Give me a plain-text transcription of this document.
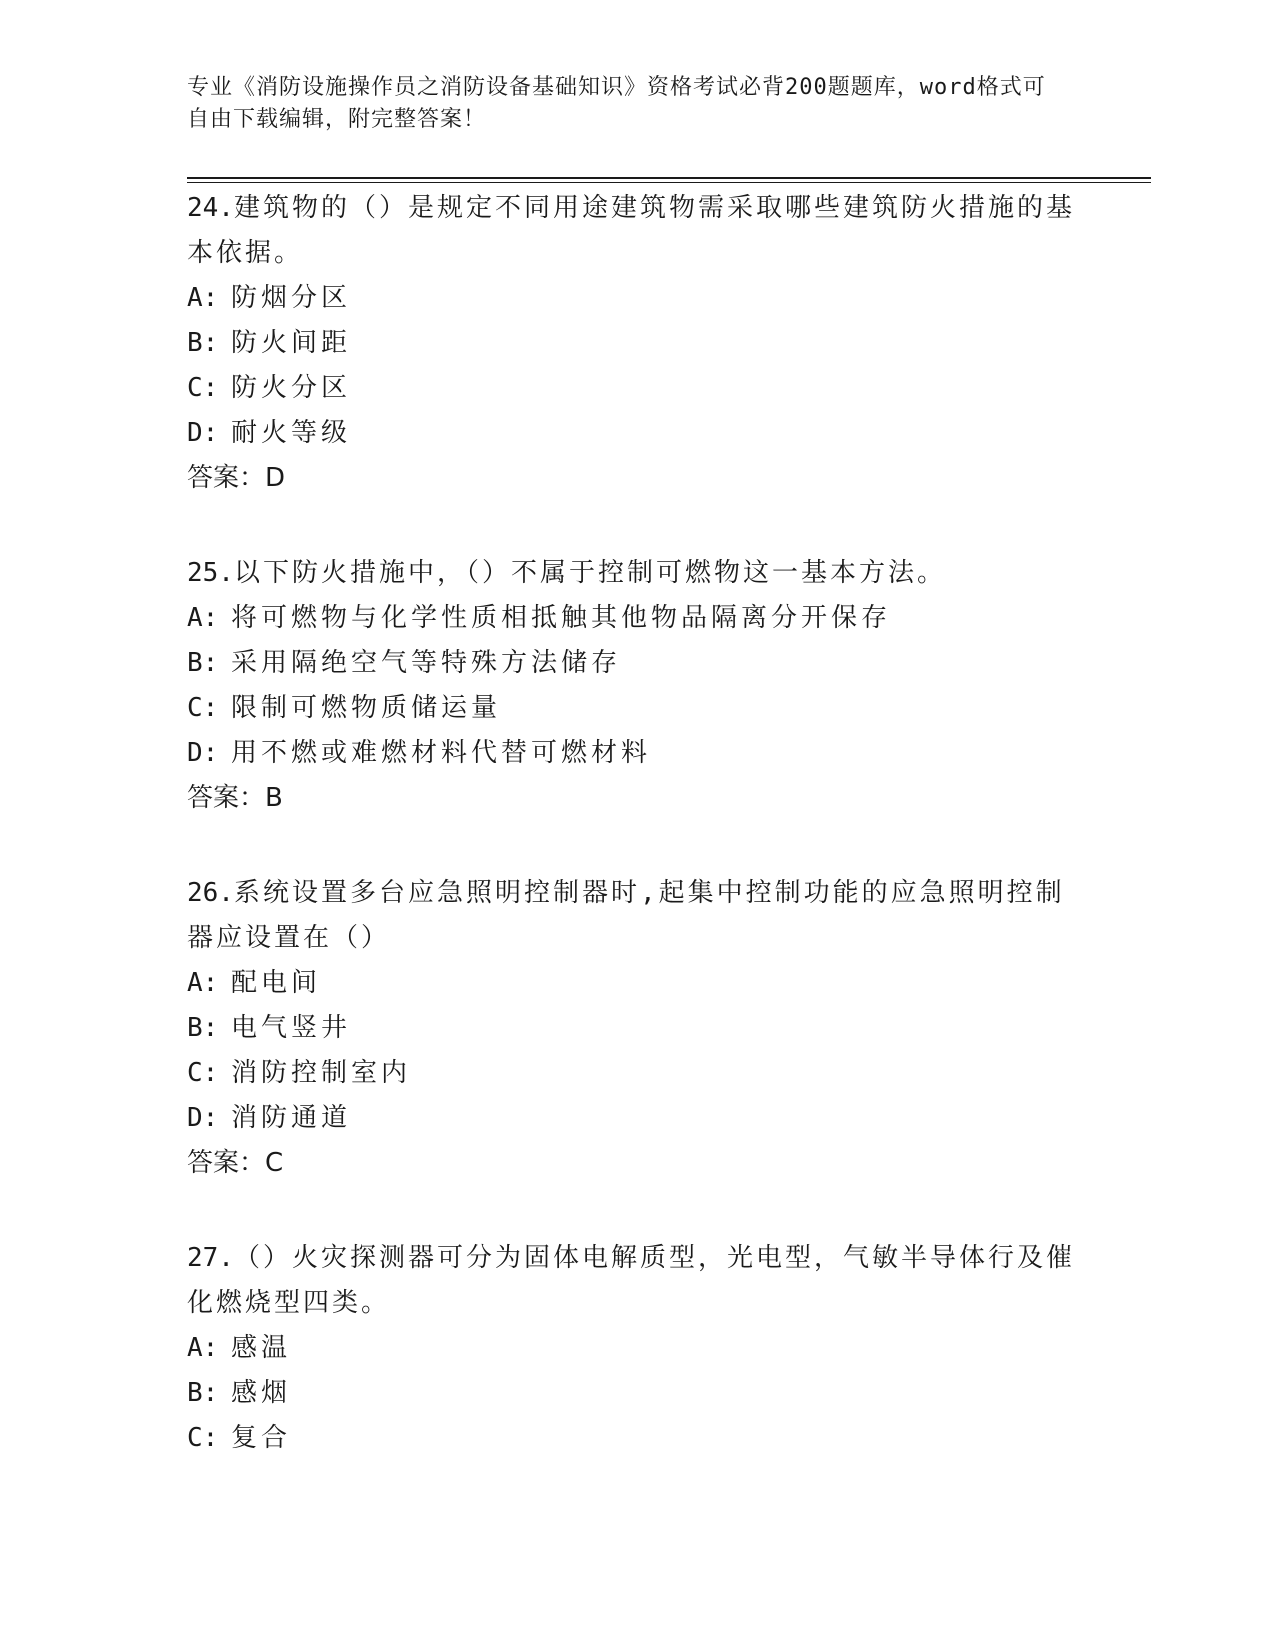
专业《消防设施操作员之消防设备基础知识》资格考试必背200题题库，word格式可自由下载编辑，附完整答案！
24.建筑物的（）是规定不同用途建筑物需采取哪些建筑防火措施的基本依据。
A: 防烟分区
B: 防火间距
C: 防火分区
D: 耐火等级
答案：D
25.以下防火措施中，（）不属于控制可燃物这一基本方法。
A: 将可燃物与化学性质相抵触其他物品隔离分开保存
B: 采用隔绝空气等特殊方法储存
C: 限制可燃物质储运量
D: 用不燃或难燃材料代替可燃材料
答案：B
26.系统设置多台应急照明控制器时,起集中控制功能的应急照明控制器应设置在（）
A: 配电间
B: 电气竖井
C: 消防控制室内
D: 消防通道
答案：C
27.（）火灾探测器可分为固体电解质型，光电型，气敏半导体行及催化燃烧型四类。
A: 感温
B: 感烟
C: 复合
